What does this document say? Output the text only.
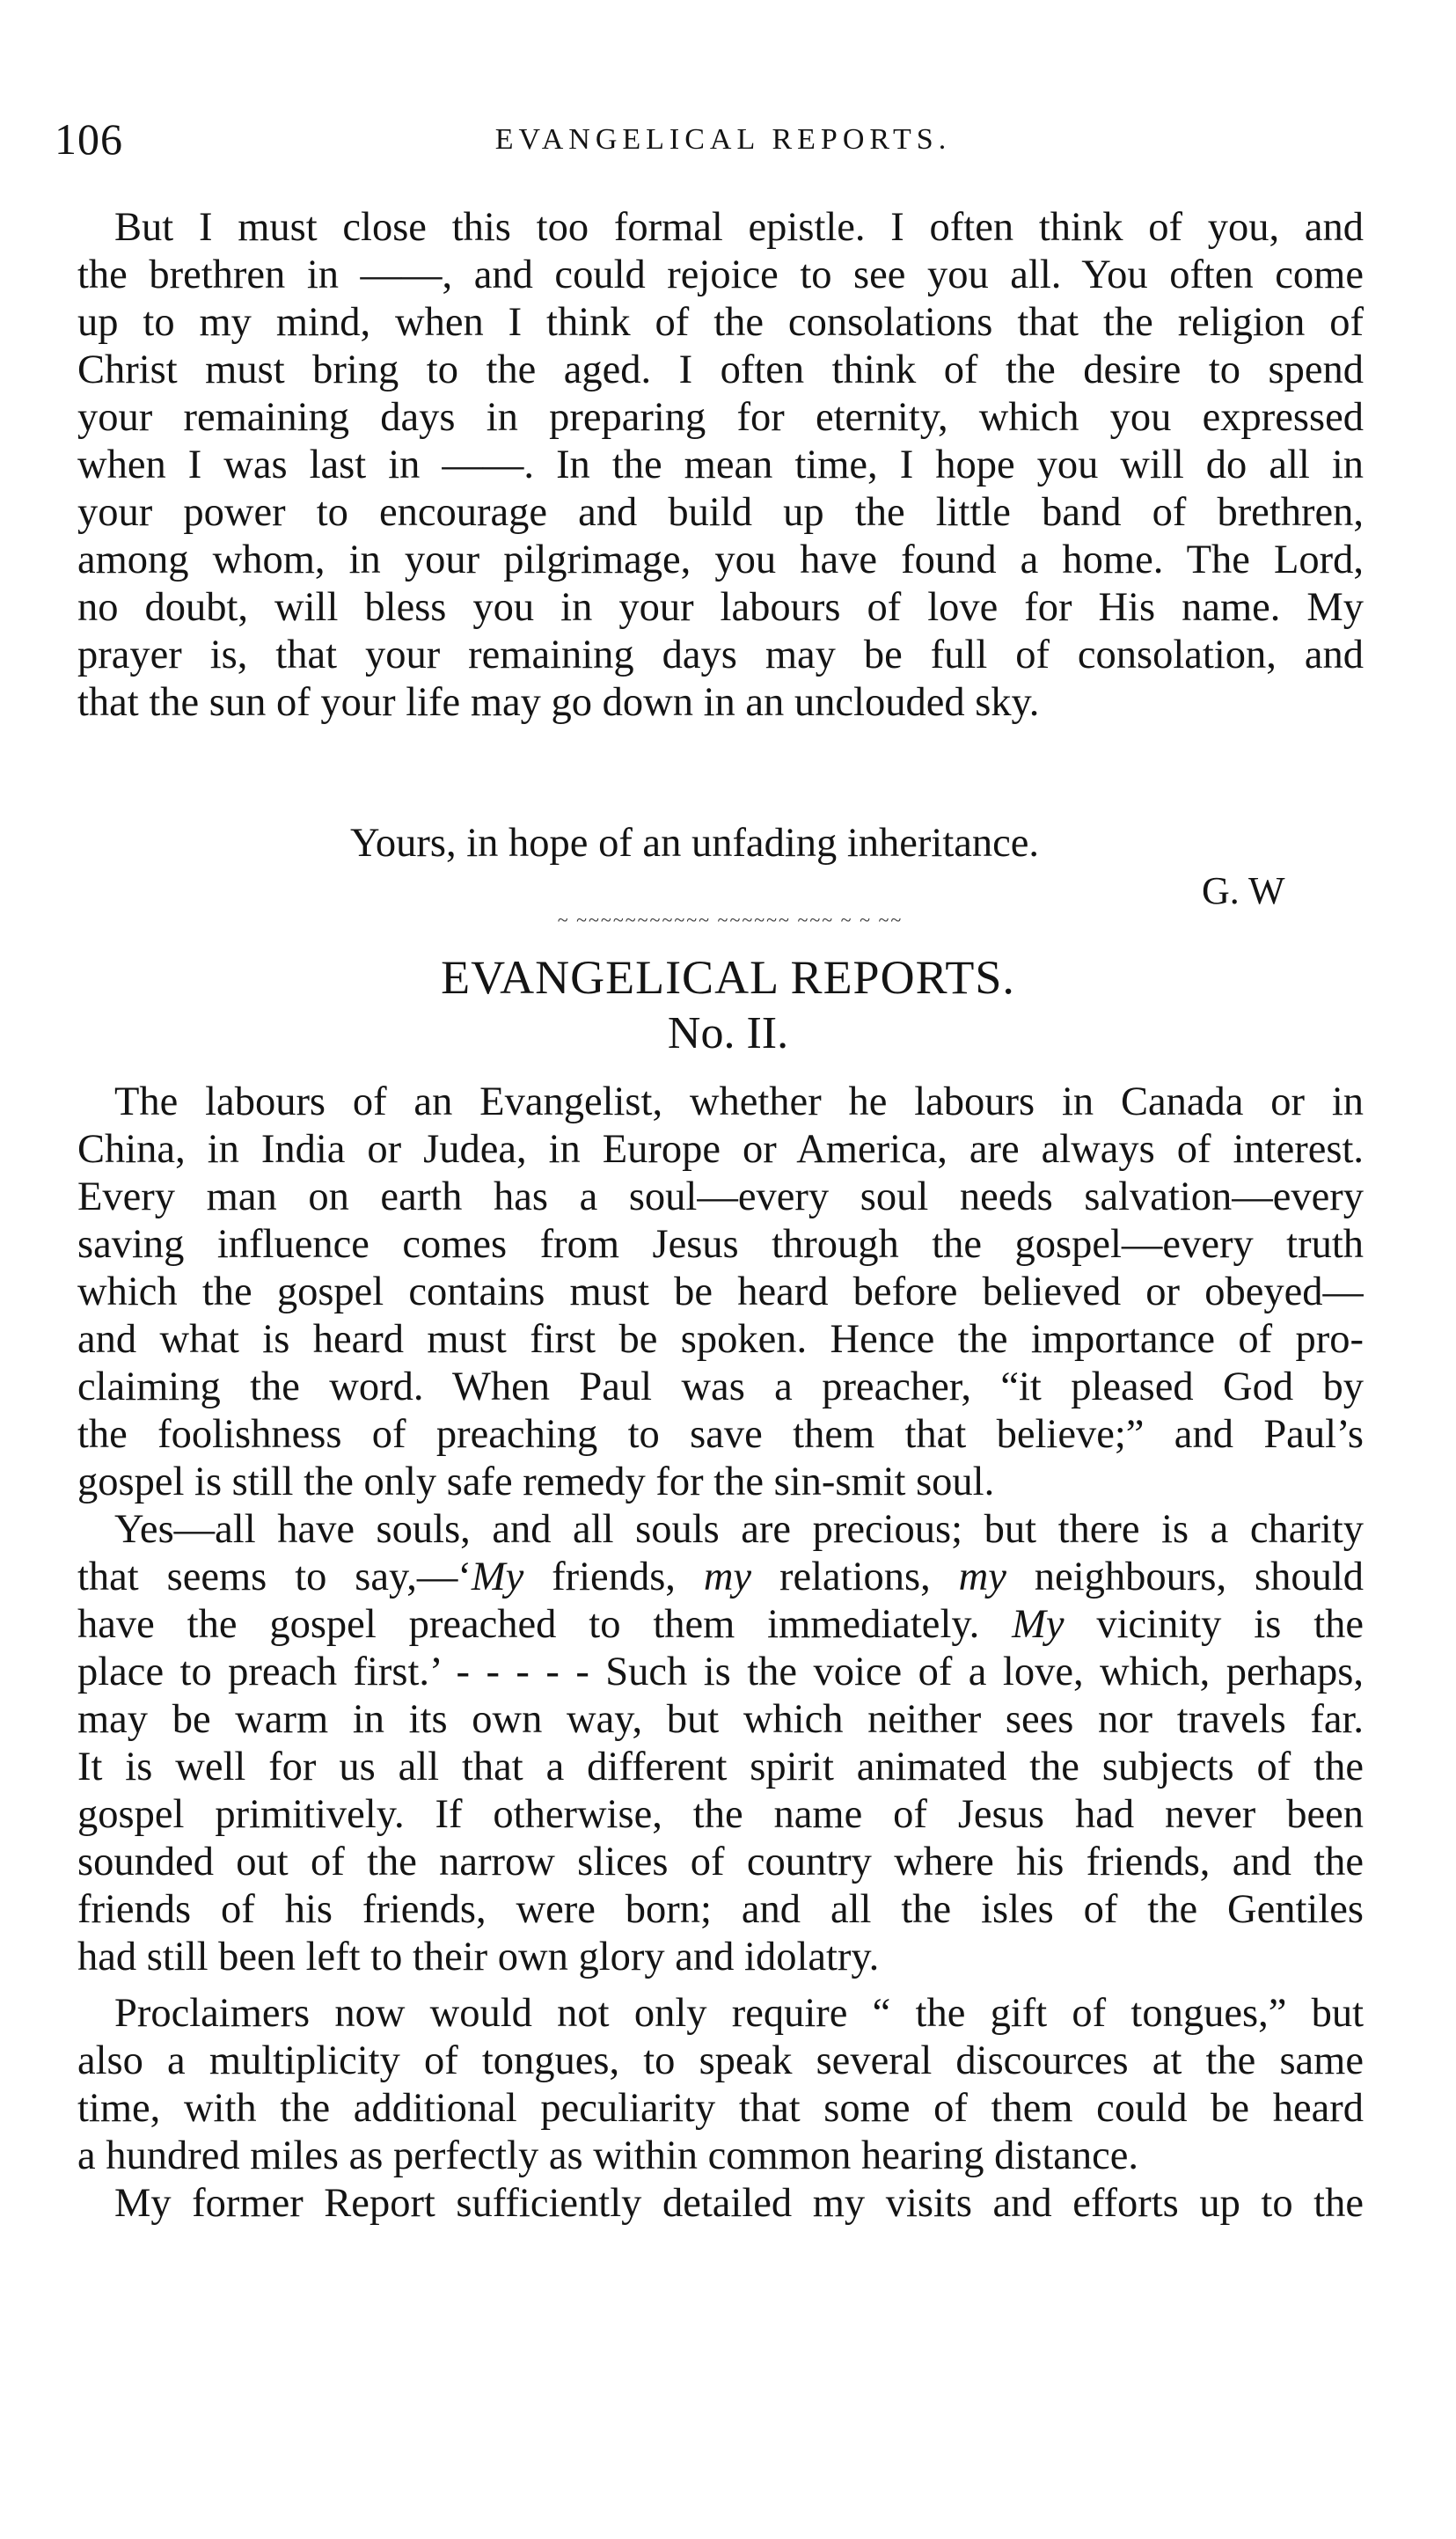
106	EVANGELICAL REPORTS.
But I must close this too formal epistle. I often think of you, and
the brethren in ——, and could rejoice to see you all. You often come
up to my mind, when I think of the consolations that the religion of
Christ must bring to the aged. I often think of the desire to spend
your remaining days in preparing for eternity, which you expressed
when I was last in ——. In the mean time, I hope you will do all in
your power to encourage and build up the little band of brethren,
among whom, in your pilgrimage, you have found a home. The Lord,
no doubt, will bless you in your labours of love for His name. My
prayer is, that your remaining days may be full of consolation, and
that the sun of your life may go down in an unclouded sky.
Yours, in hope of an unfading inheritance.
G. W
~ ~~~~~~~~~~~ ~~~~~~ ~~~ ~ ~ ~~
EVANGELICAL REPORTS.
No. II.
The labours of an Evangelist, whether he labours in Canada or in
China, in India or Judea, in Europe or America, are always of interest.
Every man on earth has a soul—every soul needs salvation—every
saving influence comes from Jesus through the gospel—every truth
which the gospel contains must be heard before believed or obeyed—
and what is heard must first be spoken. Hence the importance of pro-
claiming the word. When Paul was a preacher, “it pleased God by
the foolishness of preaching to save them that believe;” and Paul’s
gospel is still the only safe remedy for the sin-smit soul.
Yes—all have souls, and all souls are precious; but there is a charity
that seems to say,—‘My friends, my relations, my neighbours, should
have the gospel preached to them immediately. My vicinity is the
place to preach first.’ - - - - - Such is the voice of a love, which, perhaps,
may be warm in its own way, but which neither sees nor travels far.
It is well for us all that a different spirit animated the subjects of the
gospel primitively. If otherwise, the name of Jesus had never been
sounded out of the narrow slices of country where his friends, and the
friends of his friends, were born; and all the isles of the Gentiles
had still been left to their own glory and idolatry.
Proclaimers now would not only require “ the gift of tongues,” but
also a multiplicity of tongues, to speak several discources at the same
time, with the additional peculiarity that some of them could be heard
a hundred miles as perfectly as within common hearing distance.
My former Report sufficiently detailed my visits and efforts up to the
